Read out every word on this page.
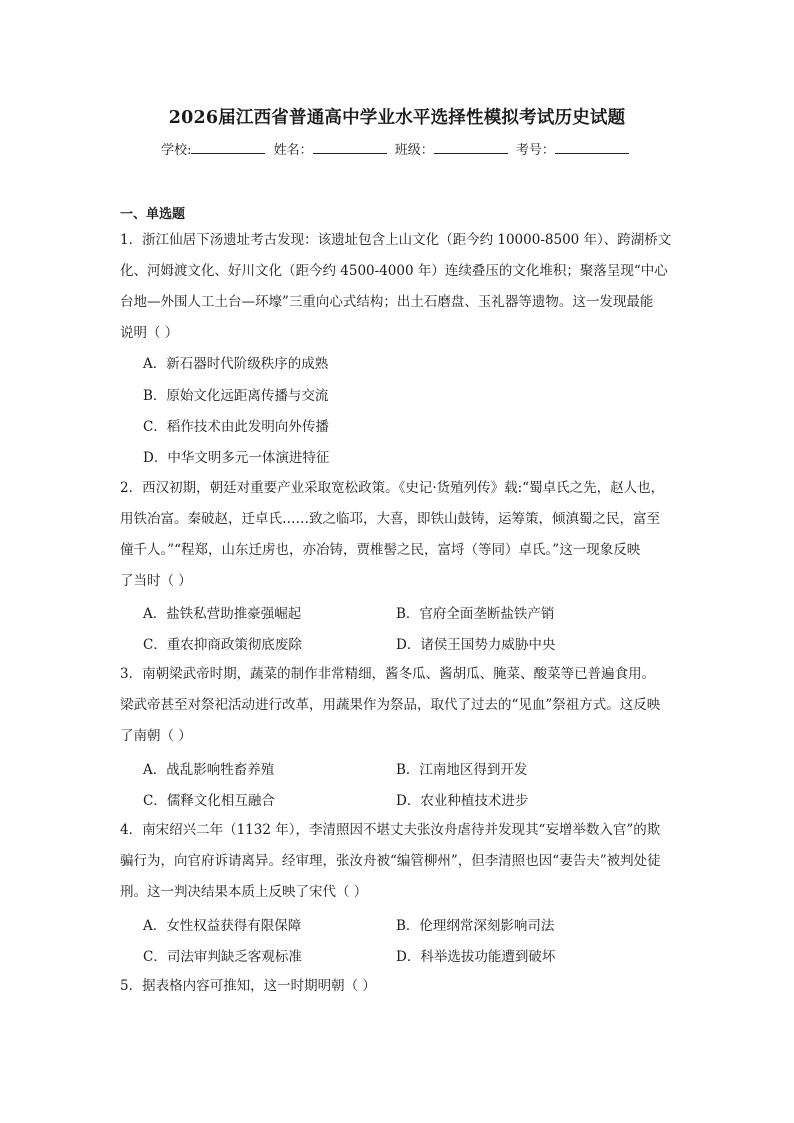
2026届江西省普通高中学业水平选择性模拟考试历史试题
学校:	姓名：	班级：	考号：
一、单选题
1．浙江仙居下汤遗址考古发现：该遗址包含上山文化（距今约 10000-8500 年）、跨湖桥文
化、河姆渡文化、好川文化（距今约 4500-4000 年）连续叠压的文化堆积；聚落呈现“中心
台地—外围人工土台—环壕”三重向心式结构；出土石磨盘、玉礼器等遗物。这一发现最能
说明（ ）
A．新石器时代阶级秩序的成熟
B．原始文化远距离传播与交流
C．稻作技术由此发明向外传播
D．中华文明多元一体演进特征
2．西汉初期，朝廷对重要产业采取宽松政策。《史记·货殖列传》载:“蜀卓氏之先，赵人也，
用铁冶富。秦破赵，迁卓氏……致之临邛，大喜，即铁山鼓铸，运筹策，倾滇蜀之民，富至
僮千人。”“程郑，山东迁虏也，亦冶铸，贾椎髻之民，富埒（等同）卓氏。”这一现象反映
了当时（ ）
A．盐铁私营助推豪强崛起	B．官府全面垄断盐铁产销
C．重农抑商政策彻底废除	D．诸侯王国势力威胁中央
3．南朝梁武帝时期，蔬菜的制作非常精细，酱冬瓜、酱胡瓜、腌菜、酸菜等已普遍食用。
梁武帝甚至对祭祀活动进行改革，用蔬果作为祭品，取代了过去的“见血”祭祖方式。这反映
了南朝（ ）
A．战乱影响牲畜养殖	B．江南地区得到开发
C．儒释文化相互融合	D．农业种植技术进步
4．南宋绍兴二年（1132 年），李清照因不堪丈夫张汝舟虐待并发现其“妄增举数入官”的欺
骗行为，向官府诉请离异。经审理，张汝舟被“编管柳州”，但李清照也因“妻告夫”被判处徒
刑。这一判决结果本质上反映了宋代（ ）
A．女性权益获得有限保障	B．伦理纲常深刻影响司法
C．司法审判缺乏客观标准	D．科举选拔功能遭到破坏
5．据表格内容可推知，这一时期明朝（ ）
